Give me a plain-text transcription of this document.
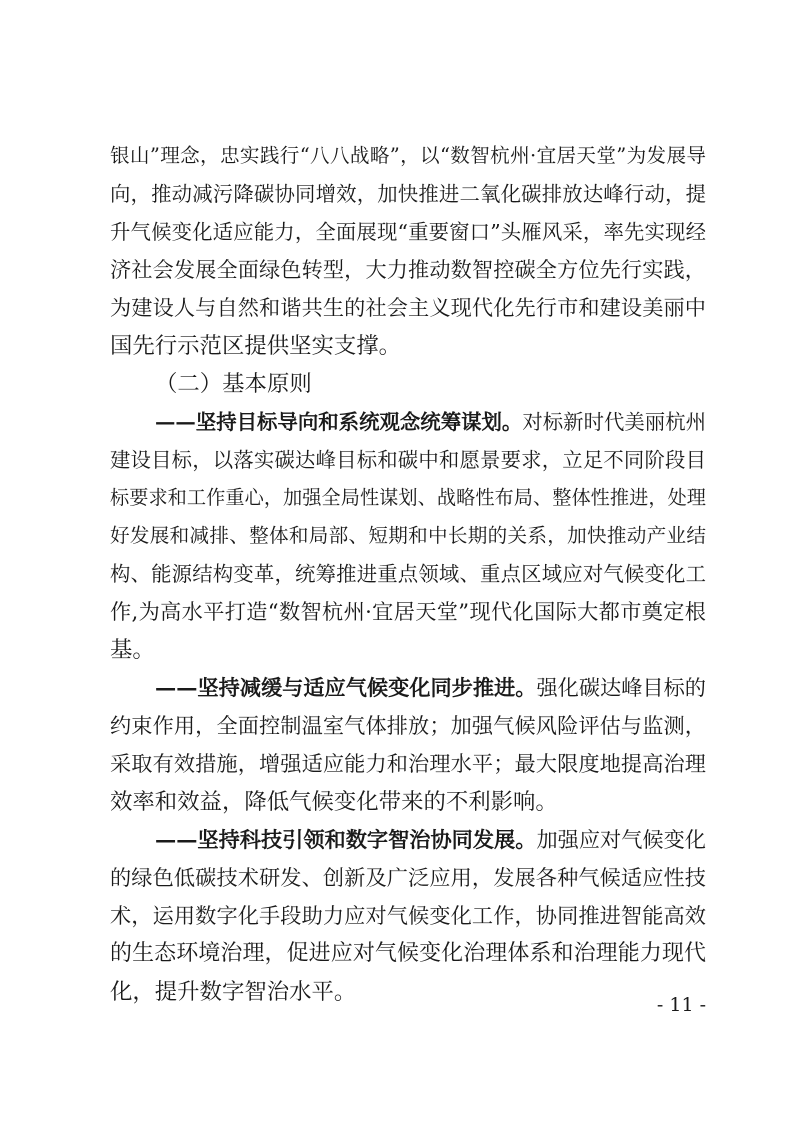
银山”理念，忠实践行“八八战略”，以“数智杭州·宜居天堂”为发展导
向，推动减污降碳协同增效，加快推进二氧化碳排放达峰行动，提
升气候变化适应能力，全面展现“重要窗口”头雁风采，率先实现经
济社会发展全面绿色转型，大力推动数智控碳全方位先行实践，
为建设人与自然和谐共生的社会主义现代化先行市和建设美丽中
国先行示范区提供坚实支撑。
（二）基本原则
——坚持目标导向和系统观念统筹谋划。对标新时代美丽杭州
建设目标，以落实碳达峰目标和碳中和愿景要求，立足不同阶段目
标要求和工作重心，加强全局性谋划、战略性布局、整体性推进，处理
好发展和减排、整体和局部、短期和中长期的关系，加快推动产业结
构、能源结构变革，统筹推进重点领域、重点区域应对气候变化工
作,为高水平打造“数智杭州·宜居天堂”现代化国际大都市奠定根
基。
——坚持减缓与适应气候变化同步推进。强化碳达峰目标的
约束作用，全面控制温室气体排放；加强气候风险评估与监测，
采取有效措施，增强适应能力和治理水平；最大限度地提高治理
效率和效益，降低气候变化带来的不利影响。
——坚持科技引领和数字智治协同发展。加强应对气候变化
的绿色低碳技术研发、创新及广泛应用，发展各种气候适应性技
术，运用数字化手段助力应对气候变化工作，协同推进智能高效
的生态环境治理，促进应对气候变化治理体系和治理能力现代
化，提升数字智治水平。	- 11 -
